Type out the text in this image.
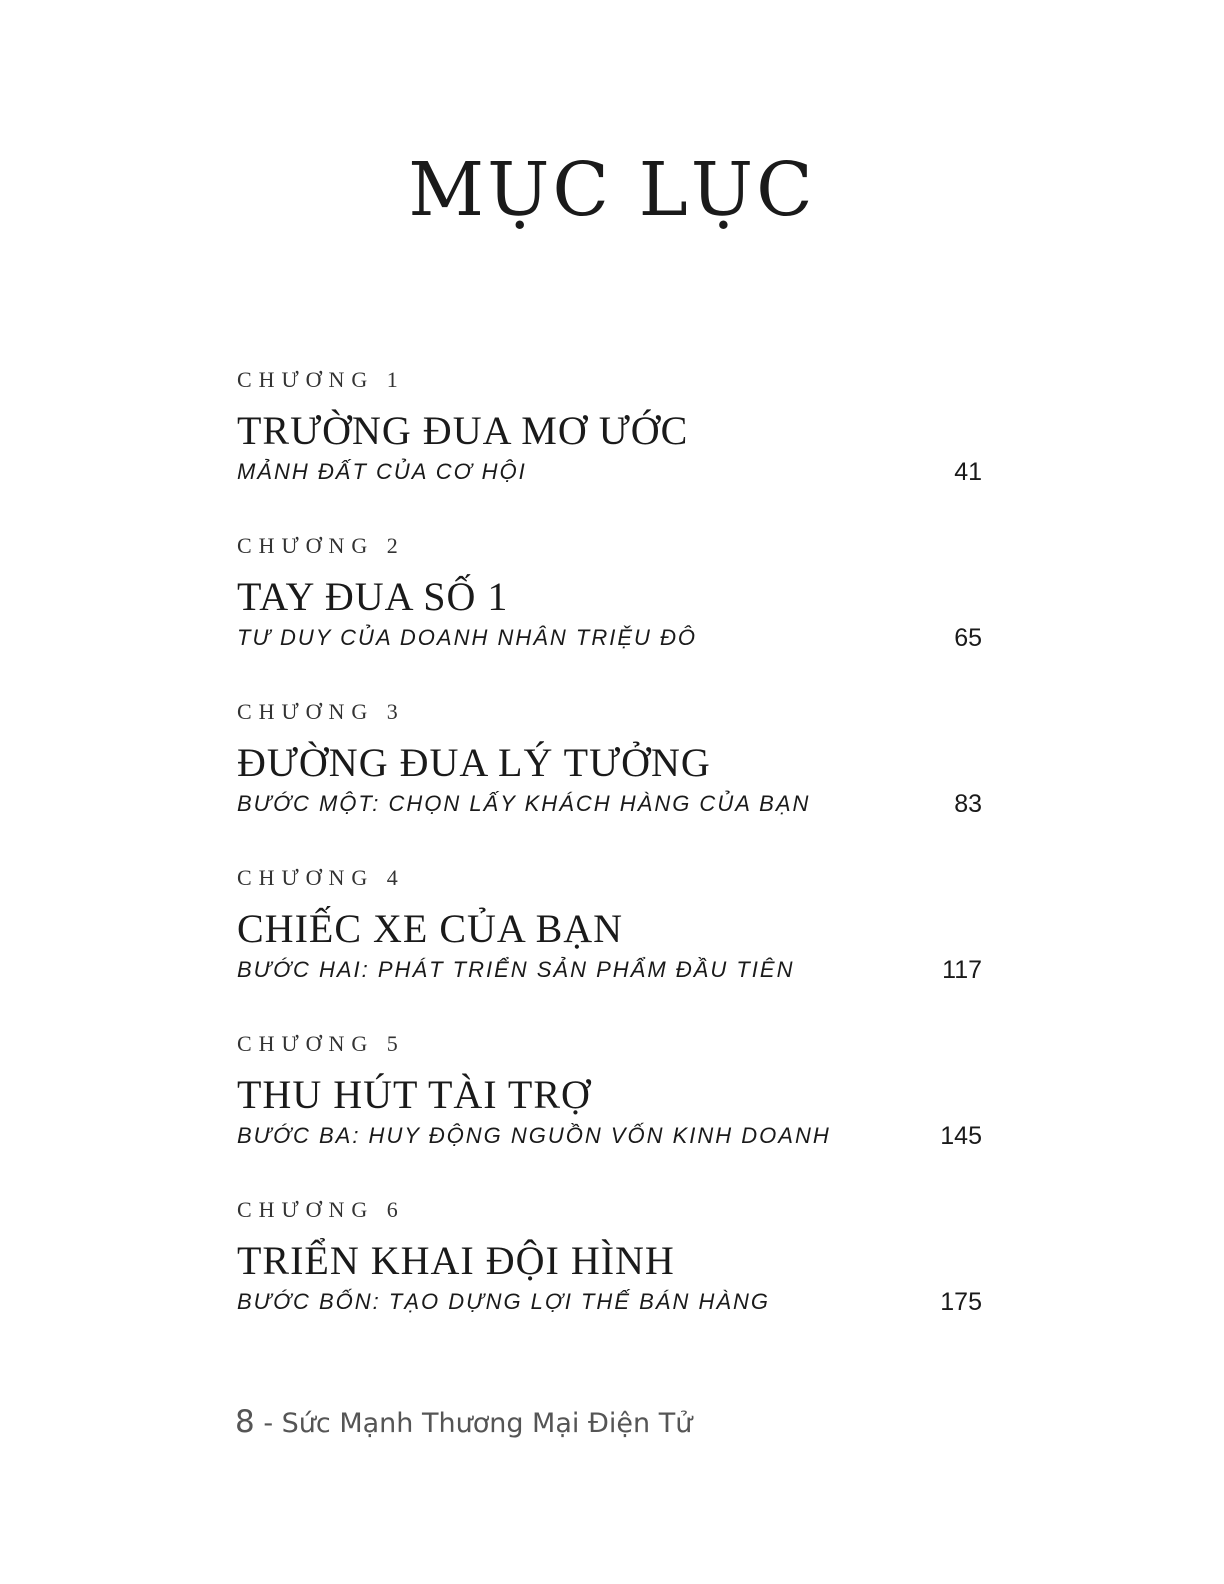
MỤC LỤC
CHƯƠNG 1
TRƯỜNG ĐUA MƠ ƯỚC
MẢNH ĐẤT CỦA CƠ HỘI	41
CHƯƠNG 2
TAY ĐUA SỐ 1
TƯ DUY CỦA DOANH NHÂN TRIỆU ĐÔ	65
CHƯƠNG 3
ĐƯỜNG ĐUA LÝ TƯỞNG
BƯỚC MỘT: CHỌN LẤY KHÁCH HÀNG CỦA BẠN	83
CHƯƠNG 4
CHIẾC XE CỦA BẠN
BƯỚC HAI: PHÁT TRIỂN SẢN PHẨM ĐẦU TIÊN	117
CHƯƠNG 5
THU HÚT TÀI TRỢ
BƯỚC BA: HUY ĐỘNG NGUỒN VỐN KINH DOANH	145
CHƯƠNG 6
TRIỂN KHAI ĐỘI HÌNH
BƯỚC BỐN: TẠO DỰNG LỢI THẾ BÁN HÀNG	175
8 - Sức Mạnh Thương Mại Điện Tử
